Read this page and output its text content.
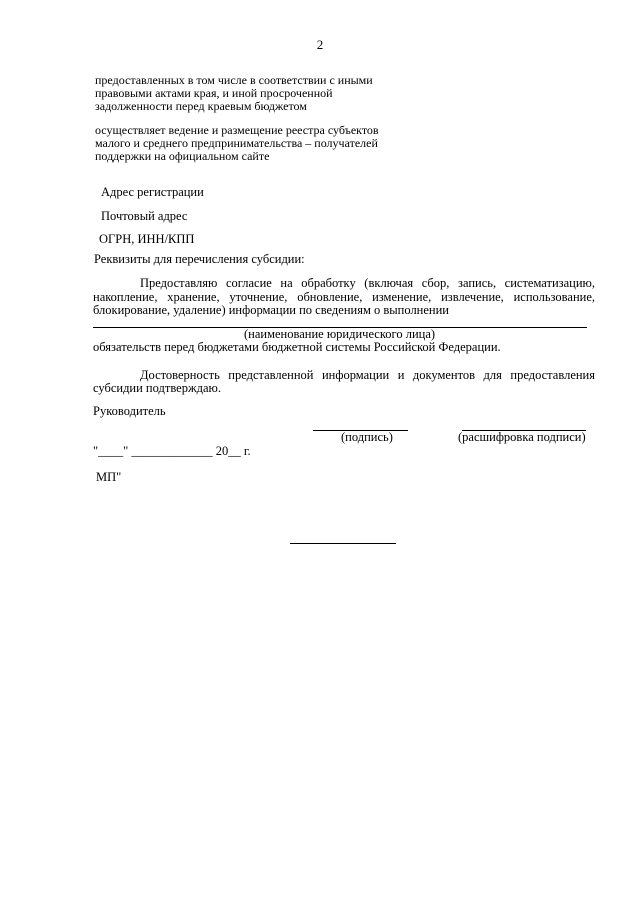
2
предоставленных в том числе в соответствии с иными
правовыми актами края, и иной просроченной
задолженности перед краевым бюджетом
осуществляет ведение и размещение реестра субъектов
малого и среднего предпринимательства – получателей
поддержки на официальном сайте
Адрес регистрации
Почтовый адрес
ОГРН, ИНН/КПП
Реквизиты для перечисления субсидии:
Предоставляю согласие на обработку (включая сбор, запись, систематизацию,
накопление, хранение, уточнение, обновление, изменение, извлечение, использование,
блокирование, удаление) информации по сведениям о выполнении
(наименование юридического лица)
обязательств перед бюджетами бюджетной системы Российской Федерации.
Достоверность представленной информации и документов для предоставления
субсидии подтверждаю.
Руководитель
(подпись)	(расшифровка подписи)
"____" _____________ 20__ г.
МП"
